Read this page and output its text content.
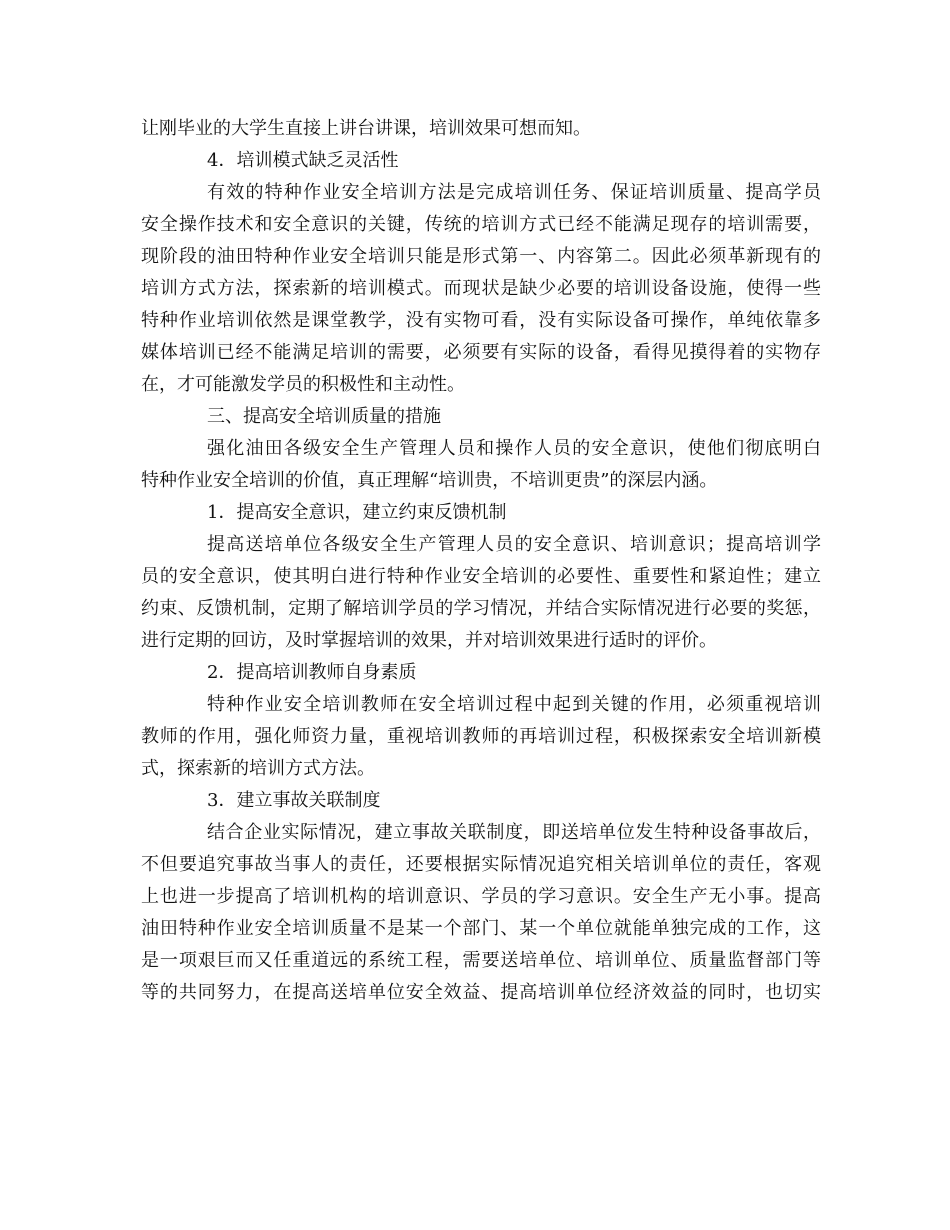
让刚毕业的大学生直接上讲台讲课，培训效果可想而知。
4．培训模式缺乏灵活性
有效的特种作业安全培训方法是完成培训任务、保证培训质量、提高学员
安全操作技术和安全意识的关键，传统的培训方式已经不能满足现存的培训需要，
现阶段的油田特种作业安全培训只能是形式第一、内容第二。因此必须革新现有的
培训方式方法，探索新的培训模式。而现状是缺少必要的培训设备设施，使得一些
特种作业培训依然是课堂教学，没有实物可看，没有实际设备可操作，单纯依靠多
媒体培训已经不能满足培训的需要，必须要有实际的设备，看得见摸得着的实物存
在，才可能激发学员的积极性和主动性。
三、提高安全培训质量的措施
强化油田各级安全生产管理人员和操作人员的安全意识，使他们彻底明白
特种作业安全培训的价值，真正理解“培训贵，不培训更贵”的深层内涵。
1．提高安全意识，建立约束反馈机制
提高送培单位各级安全生产管理人员的安全意识、培训意识；提高培训学
员的安全意识，使其明白进行特种作业安全培训的必要性、重要性和紧迫性；建立
约束、反馈机制，定期了解培训学员的学习情况，并结合实际情况进行必要的奖惩，
进行定期的回访，及时掌握培训的效果，并对培训效果进行适时的评价。
2．提高培训教师自身素质
特种作业安全培训教师在安全培训过程中起到关键的作用，必须重视培训
教师的作用，强化师资力量，重视培训教师的再培训过程，积极探索安全培训新模
式，探索新的培训方式方法。
3．建立事故关联制度
结合企业实际情况，建立事故关联制度，即送培单位发生特种设备事故后，
不但要追究事故当事人的责任，还要根据实际情况追究相关培训单位的责任，客观
上也进一步提高了培训机构的培训意识、学员的学习意识。安全生产无小事。提高
油田特种作业安全培训质量不是某一个部门、某一个单位就能单独完成的工作，这
是一项艰巨而又任重道远的系统工程，需要送培单位、培训单位、质量监督部门等
等的共同努力，在提高送培单位安全效益、提高培训单位经济效益的同时，也切实
